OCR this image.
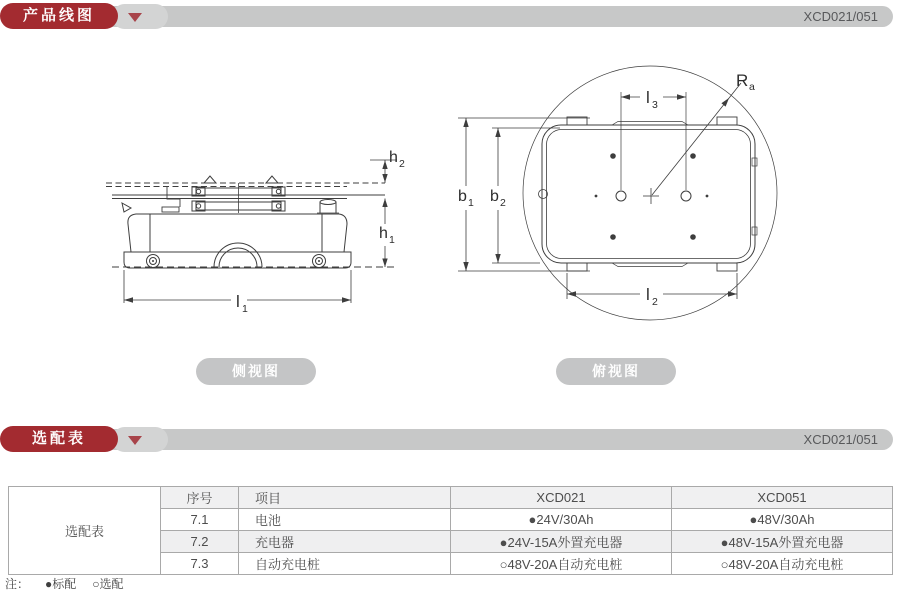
XCD021/051
产品线图
h 2
h 1
l 1
l 3
l 2
b 1 b 2
R a
侧视图	俯视图
XCD021/051
选配表
选配表	序号	项目	XCD021	XCD051
	7.1	电池	●24V/30Ah	●48V/30Ah
	7.2	充电器	●24V-15A外置充电器	●48V-15A外置充电器
	7.3	自动充电桩	○48V-20A自动充电桩	○48V-20A自动充电桩
注： ●标配 ○选配
